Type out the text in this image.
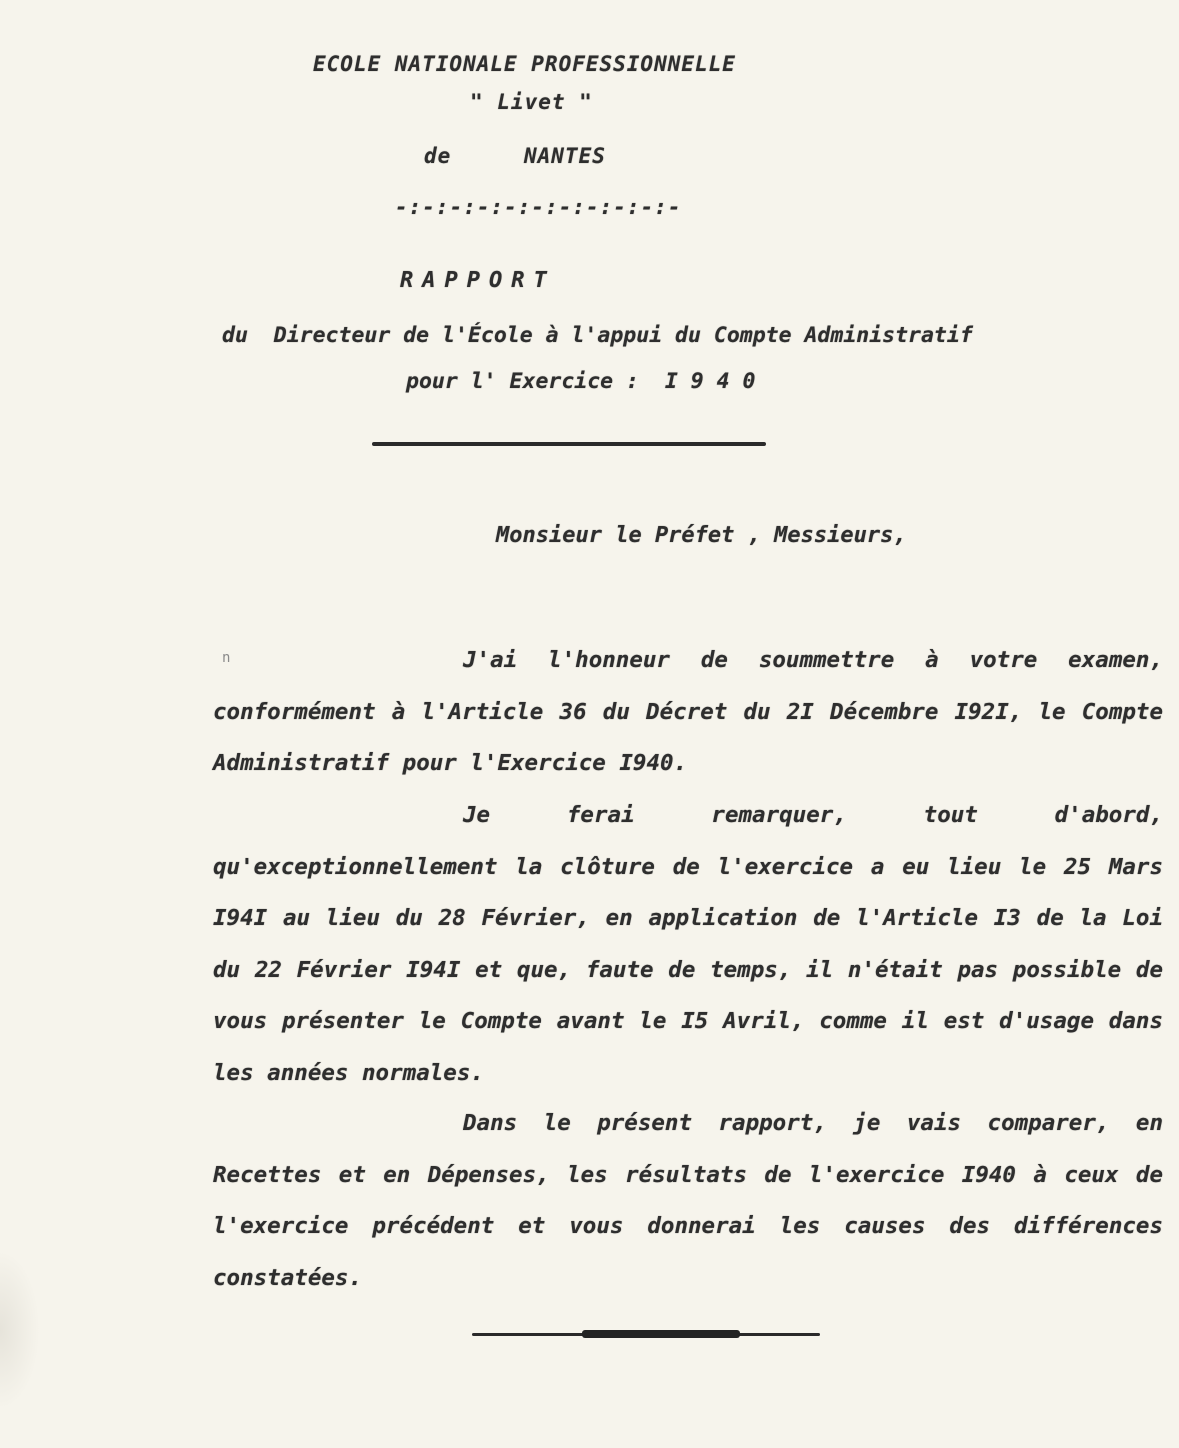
ECOLE NATIONALE PROFESSIONNELLE
" Livet "
de	NANTES
-:-:-:-:-:-:-:-:-:-:-
RAPPORT
du  Directeur de l'École à l'appui du Compte Administratif
pour l' Exercice :  I 9 4 0
Monsieur le Préfet , Messieurs,
n	J'ai l'honneur de soummettre à votre examen, conformément à l'Article 36 du Décret du 2I Décembre I92I, le Compte Administratif pour l'Exercice I940.
Je ferai remarquer, tout d'abord, qu'exceptionnellement la clôture de l'exercice a eu lieu le 25 Mars I94I au lieu du 28 Février, en application de l'Article I3 de la Loi du 22 Février I94I et que, faute de temps, il n'était pas possible de vous présenter le Compte avant le I5 Avril, comme il est d'usage dans les années normales.
Dans le présent rapport, je vais comparer, en Recettes et en Dépenses, les résultats de l'exercice I940 à ceux de l'exercice précédent et vous donnerai les causes des différences constatées.
